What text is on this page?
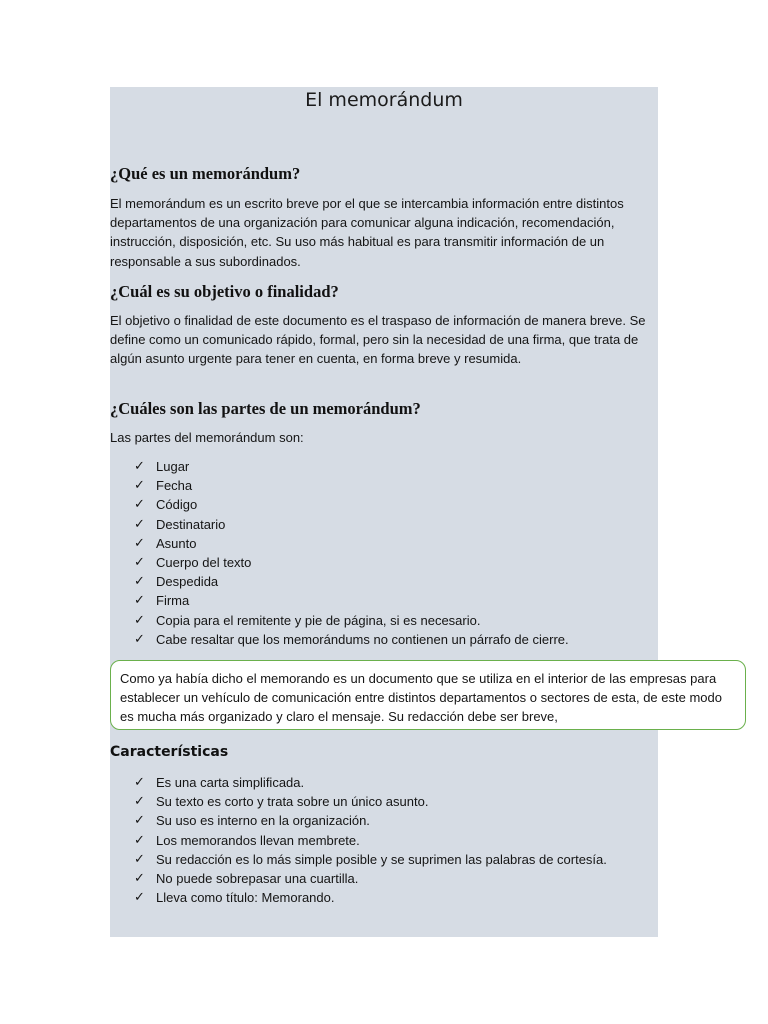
El memorándum
¿Qué es un memorándum?
El memorándum es un escrito breve por el que se intercambia información entre distintos departamentos de una organización para comunicar alguna indicación, recomendación, instrucción, disposición, etc. Su uso más habitual es para transmitir información de un responsable a sus subordinados.
¿Cuál es su objetivo o finalidad?
El objetivo o finalidad de este documento es el traspaso de información de manera breve. Se define como un comunicado rápido, formal, pero sin la necesidad de una firma, que trata de algún asunto urgente para tener en cuenta, en forma breve y resumida.
¿Cuáles son las partes de un memorándum?
Las partes del memorándum son:
✓ Lugar
✓ Fecha
✓ Código
✓ Destinatario
✓ Asunto
✓ Cuerpo del texto
✓ Despedida
✓ Firma
✓ Copia para el remitente y pie de página, si es necesario.
✓ Cabe resaltar que los memorándums no contienen un párrafo de cierre.
Como ya había dicho el memorando es un documento que se utiliza en el interior de las empresas para establecer un vehículo de comunicación entre distintos departamentos o sectores de esta, de este modo es mucha más organizado y claro el mensaje. Su redacción debe ser breve,
Características
✓ Es una carta simplificada.
✓ Su texto es corto y trata sobre un único asunto.
✓ Su uso es interno en la organización.
✓ Los memorandos llevan membrete.
✓ Su redacción es lo más simple posible y se suprimen las palabras de cortesía.
✓ No puede sobrepasar una cuartilla.
✓ Lleva como título: Memorando.
